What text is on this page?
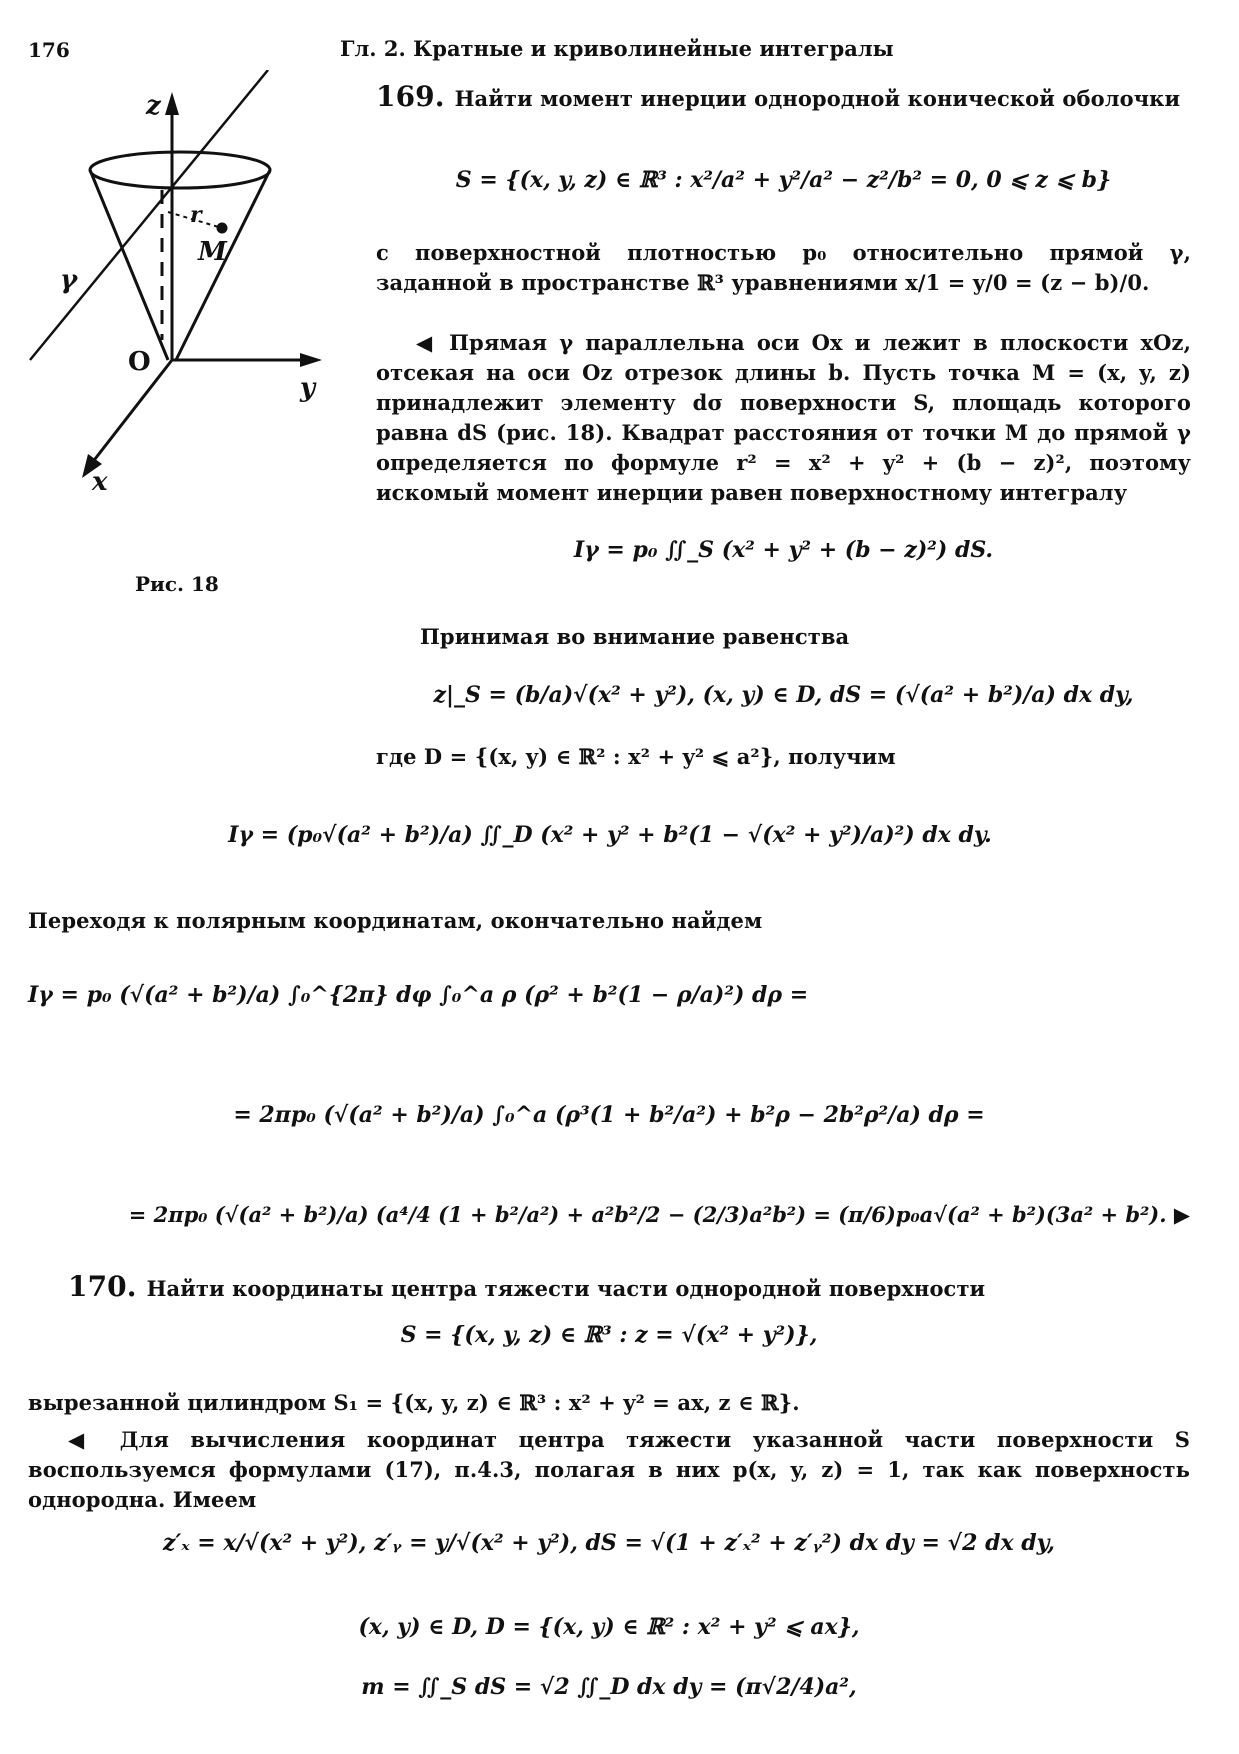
176	Гл. 2. Кратные и криволинейные интегралы
z
y
x
O
M
r
γ
Рис. 18
169. Найти момент инерции однородной конической оболочки
S = {(x, y, z) ∈ ℝ³ : x²/a² + y²/a² − z²/b² = 0, 0 ⩽ z ⩽ b}
с поверхностной плотностью p₀ относительно прямой γ, заданной в пространстве ℝ³ уравнениями x/1 = y/0 = (z − b)/0.
◀ Прямая γ параллельна оси Ox и лежит в плоскости xOz, отсекая на оси Oz отрезок длины b. Пусть точка M = (x, y, z) принадлежит элементу dσ поверхности S, площадь которого равна dS (рис. 18). Квадрат расстояния от точки M до прямой γ определяется по формуле r² = x² + y² + (b − z)², поэтому искомый момент инерции равен поверхностному интегралу
Iγ = p₀ ∬_S (x² + y² + (b − z)²) dS.
Принимая во внимание равенства
z|_S = (b/a)√(x² + y²), (x, y) ∈ D, dS = (√(a² + b²)/a) dx dy,
где D = {(x, y) ∈ ℝ² : x² + y² ⩽ a²}, получим
Iγ = (p₀√(a² + b²)/a) ∬_D (x² + y² + b²(1 − √(x² + y²)/a)²) dx dy.
Переходя к полярным координатам, окончательно найдем
Iγ = p₀ (√(a² + b²)/a) ∫₀^{2π} dφ ∫₀^a ρ (ρ² + b²(1 − ρ/a)²) dρ =
= 2πp₀ (√(a² + b²)/a) ∫₀^a (ρ³(1 + b²/a²) + b²ρ − 2b²ρ²/a) dρ =
= 2πp₀ (√(a² + b²)/a) (a⁴/4 (1 + b²/a²) + a²b²/2 − (2/3)a²b²) = (π/6)p₀a√(a² + b²)(3a² + b²). ▶
170. Найти координаты центра тяжести части однородной поверхности
S = {(x, y, z) ∈ ℝ³ : z = √(x² + y²)},
вырезанной цилиндром S₁ = {(x, y, z) ∈ ℝ³ : x² + y² = ax, z ∈ ℝ}.
◀ Для вычисления координат центра тяжести указанной части поверхности S воспользуемся формулами (17), п.4.3, полагая в них p(x, y, z) = 1, так как поверхность однородна. Имеем
z′ₓ = x/√(x² + y²), z′ᵧ = y/√(x² + y²), dS = √(1 + z′ₓ² + z′ᵧ²) dx dy = √2 dx dy,
(x, y) ∈ D, D = {(x, y) ∈ ℝ² : x² + y² ⩽ ax},
m = ∬_S dS = √2 ∬_D dx dy = (π√2/4)a²,
